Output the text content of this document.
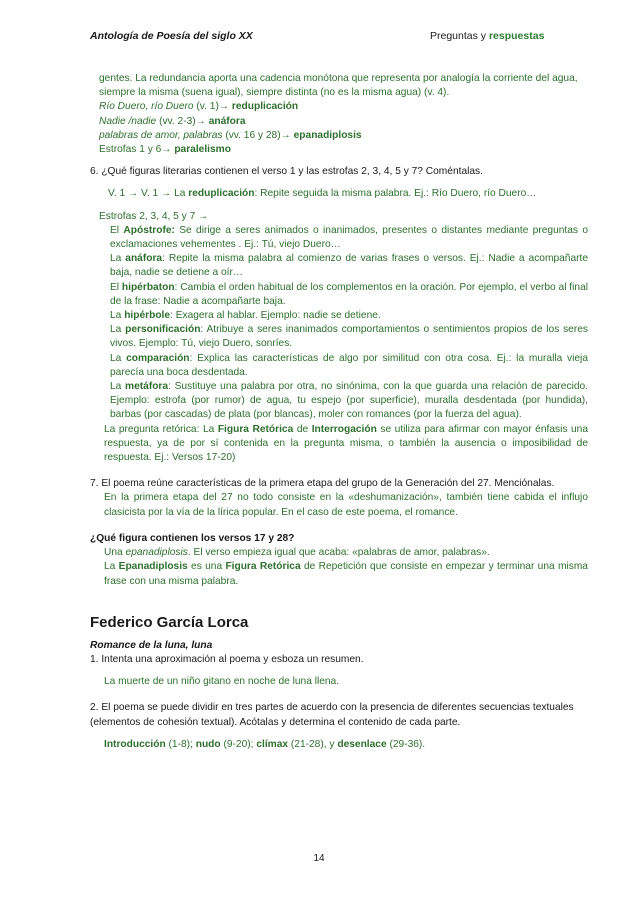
Antología de Poesía del siglo XX	Preguntas y respuestas

gentes. La redundancia aporta una cadencia monótona que representa por analogía la corriente del agua, siempre la misma (suena igual), siempre distinta (no es la misma agua) (v. 4).

Río Duero, río Duero (v. 1)→ reduplicación

Nadie /nadie (vv. 2-3)→ anáfora

palabras de amor, palabras (vv. 16 y 28)→ epanadiplosis

Estrofas 1 y 6→ paralelismo

6. ¿Qué figuras literarias contienen el verso 1 y las estrofas 2, 3, 4, 5 y 7? Coméntalas.

V. 1 → V. 1 → La reduplicación: Repite seguida la misma palabra. Ej.: Río Duero, río Duero…

Estrofas 2, 3, 4, 5 y 7 →

El Apóstrofe: Se dirige a seres animados o inanimados, presentes o distantes mediante preguntas o exclamaciones vehementes . Ej.: Tú, viejo Duero…

La anáfora: Repite la misma palabra al comienzo de varias frases o versos. Ej.: Nadie a acompañarte baja, nadie se detiene a oír…

El hipérbaton: Cambia el orden habitual de los complementos en la oración. Por ejemplo, el verbo al final de la frase: Nadie a acompañarte baja.

La hipérbole: Exagera al hablar. Ejemplo: nadie se detiene.

La personificación: Atribuye a seres inanimados comportamientos o sentimientos propios de los seres vivos. Ejemplo: Tú, viejo Duero, sonríes.

La comparación: Explica las características de algo por similitud con otra cosa. Ej.: la muralla vieja parecía una boca desdentada.

La metáfora: Sustituye una palabra por otra, no sinónima, con la que guarda una relación de parecido. Ejemplo: estrofa (por rumor) de agua, tu espejo (por superficie), muralla desdentada (por hundida), barbas (por cascadas) de plata (por blancas), moler con romances (por la fuerza del agua).

La pregunta retórica: La Figura Retórica de Interrogación se utiliza para afirmar con mayor énfasis una respuesta, ya de por sí contenida en la pregunta misma, o también la ausencia o imposibilidad de respuesta. Ej.: Versos 17-20)

7. El poema reúne características de la primera etapa del grupo de la Generación del 27. Menciónalas.

En la primera etapa del 27 no todo consiste en la «deshumanización», también tiene cabida el influjo clasicista por la vía de la lírica popular. En el caso de este poema, el romance.

¿Qué figura contienen los versos 17 y 28?

Una epanadiplosis. El verso empieza igual que acaba: «palabras de amor, palabras».

La Epanadiplosis es una Figura Retórica de Repetición que consiste en empezar y terminar una misma frase con una misma palabra.

Federico García Lorca

Romance de la luna, luna

1. Intenta una aproximación al poema y esboza un resumen.

La muerte de un niño gitano en noche de luna llena.

2. El poema se puede dividir en tres partes de acuerdo con la presencia de diferentes secuencias textuales (elementos de cohesión textual). Acótalas y determina el contenido de cada parte.

Introducción (1-8); nudo (9-20); clímax (21-28), y desenlace (29-36).

14
